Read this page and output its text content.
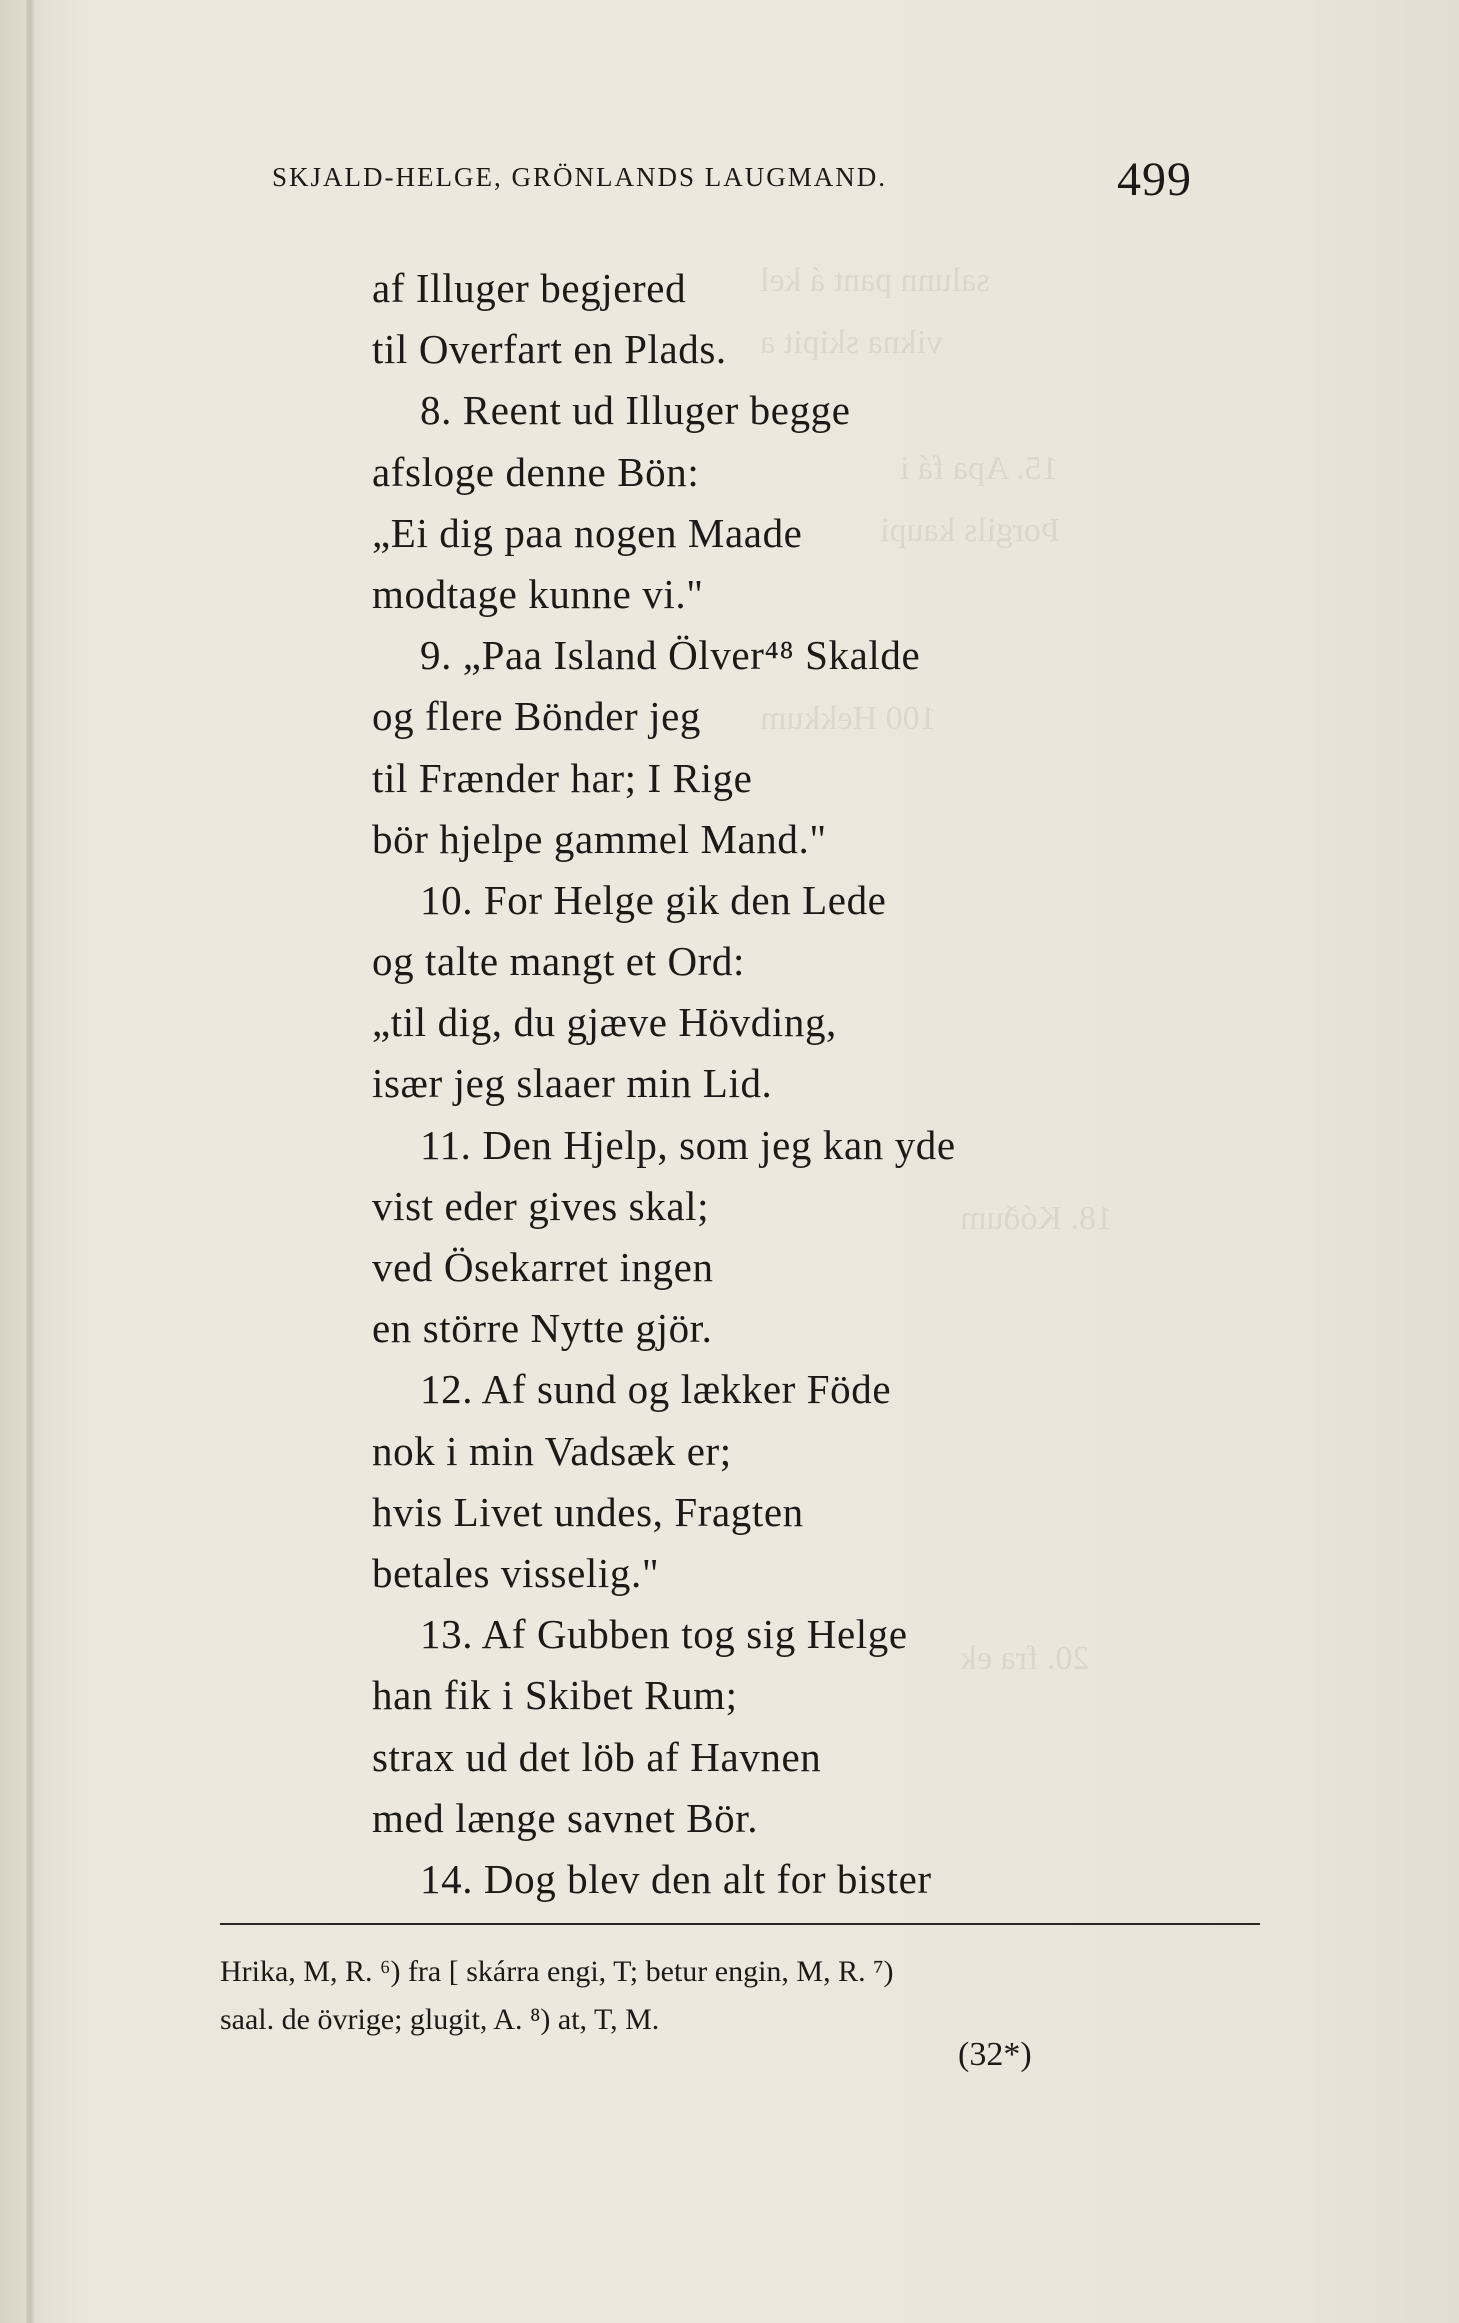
salunn pant á kel
vikna skipit a
15. Apa fá i
Þorgils kaupi
100 Hekkum
18. Kóðum
20. fra ek
SKJALD-HELGE, GRÖNLANDS LAUGMAND.	499
af Illuger begjered
til Overfart en Plads.
8. Reent ud Illuger begge
afsloge denne Bön:
„Ei dig paa nogen Maade
modtage kunne vi."
9. „Paa Island Ölver⁴⁸ Skalde
og flere Bönder jeg
til Frænder har; I Rige
bör hjelpe gammel Mand."
10. For Helge gik den Lede
og talte mangt et Ord:
„til dig, du gjæve Hövding,
især jeg slaaer min Lid.
11. Den Hjelp, som jeg kan yde
vist eder gives skal;
ved Ösekarret ingen
en större Nytte gjör.
12. Af sund og lækker Föde
nok i min Vadsæk er;
hvis Livet undes, Fragten
betales visselig."
13. Af Gubben tog sig Helge
han fik i Skibet Rum;
strax ud det löb af Havnen
med længe savnet Bör.
14. Dog blev den alt for bister
Hrika, M, R. ⁶) fra [ skárra engi, T; betur engin, M, R. ⁷)
saal. de övrige; glugit, A. ⁸) at, T, M.
(32*)
